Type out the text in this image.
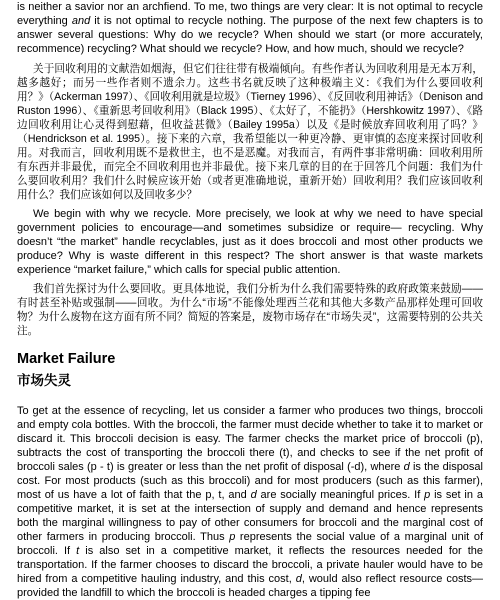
is neither a savior nor an archfiend. To me, two things are very clear: It is not optimal to recycle everything and it is not optimal to recycle nothing. The purpose of the next few chapters is to answer several questions: Why do we recycle? When should we start (or more accurately, recommence) recycling? What should we recycle? How, and how much, should we recycle?

关于回收利用的文献浩如烟海，但它们往往带有极端倾向。有些作者认为回收利用是无本万利，越多越好；而另一些作者则不遗余力。这些书名就反映了这种极端主义：《我们为什么要回收利用？》（Ackerman 1997）、《回收利用就是垃圾》（Tierney 1996）、《反回收利用神话》（Denison and Ruston 1996）、《重新思考回收利用》（Black 1995）、《太好了，不能扔》（Hershkowitz 1997）、《路边回收利用让心灵得到慰藉，但收益甚微》（Bailey 1995a）以及《是时候放弃回收利用了吗？》（Hendrickson et al. 1995）。接下来的六章，我希望能以一种更冷静、更审慎的态度来探讨回收利用。对我而言，回收利用既不是救世主，也不是恶魔。对我而言，有两件事非常明确：回收利用所有东西并非最优，而完全不回收利用也并非最优。接下来几章的目的在于回答几个问题：我们为什么要回收利用？我们什么时候应该开始（或者更准确地说，重新开始）回收利用？我们应该回收利用什么？我们应该如何以及回收多少？

We begin with why we recycle. More precisely, we look at why we need to have special government policies to encourage—and sometimes subsidize or require— recycling. Why doesn’t “the market” handle recyclables, just as it does broccoli and most other products we produce? Why is waste different in this respect? The short answer is that waste markets experience “market failure,” which calls for special public attention.

我们首先探讨为什么要回收。更具体地说，我们分析为什么我们需要特殊的政府政策来鼓励——有时甚至补贴或强制——回收。为什么“市场”不能像处理西兰花和其他大多数产品那样处理可回收物？为什么废物在这方面有所不同？简短的答案是，废物市场存在“市场失灵”，这需要特别的公共关注。

Market Failure
市场失灵

To get at the essence of recycling, let us consider a farmer who produces two things, broccoli and empty cola bottles. With the broccoli, the farmer must decide whether to take it to market or discard it. This broccoli decision is easy. The farmer checks the market price of broccoli (p), subtracts the cost of transporting the broccoli there (t), and checks to see if the net profit of broccoli sales (p - t) is greater or less than the net profit of disposal (-d), where d is the disposal cost. For most products (such as this broccoli) and for most producers (such as this farmer), most of us have a lot of faith that the p, t, and d are socially meaningful prices. If p is set in a competitive market, it is set at the intersection of supply and demand and hence represents both the marginal willingness to pay of other consumers for broccoli and the marginal cost of other farmers in producing broccoli. Thus p represents the social value of a marginal unit of broccoli. If t is also set in a competitive market, it reflects the resources needed for the transportation. If the farmer chooses to discard the broccoli, a private hauler would have to be hired from a competitive hauling industry, and this cost, d, would also reflect resource costs—provided the landfill to which the broccoli is headed charges a tipping fee
